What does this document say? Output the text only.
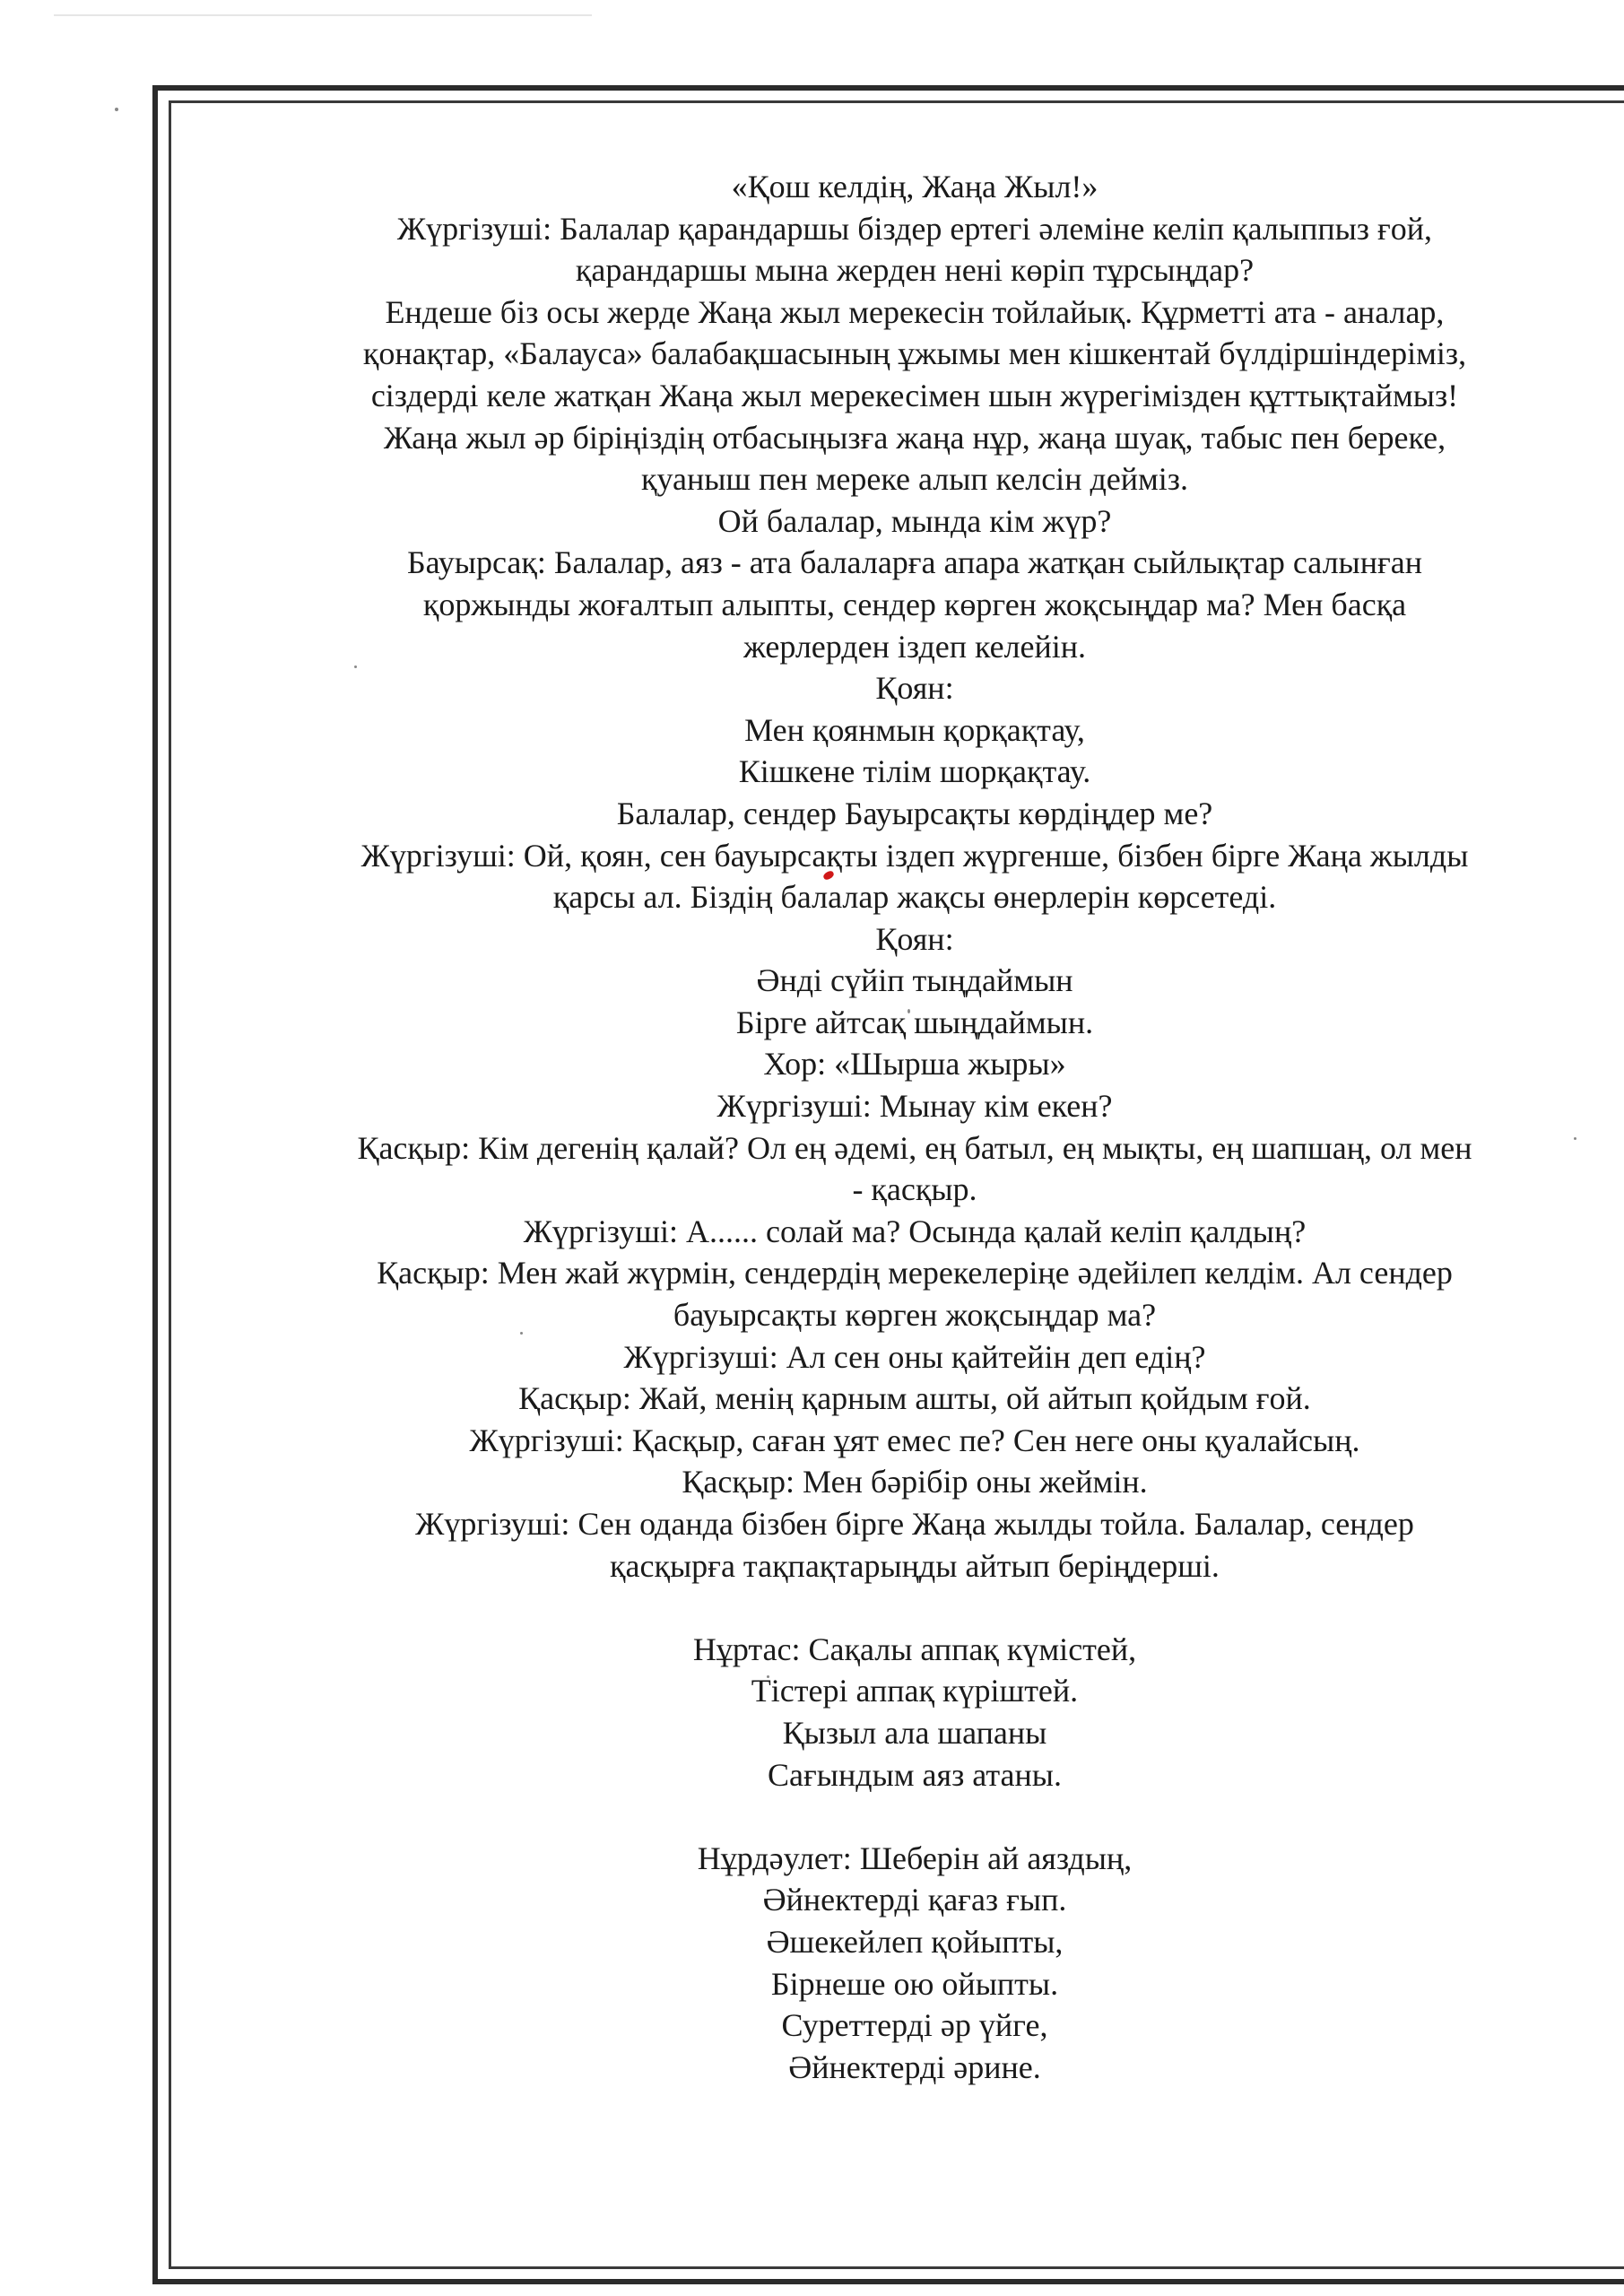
«Қош келдің, Жаңа Жыл!»
Жүргізуші: Балалар қарандаршы біздер ертегі әлеміне келіп қалыппыз ғой,
қарандаршы мына жерден нені көріп тұрсыңдар?
Ендеше біз осы жерде Жаңа жыл мерекесін тойлайық. Құрметті ата - аналар,
қонақтар, «Балауса» балабақшасының ұжымы мен кішкентай бүлдіршіндеріміз,
сіздерді келе жатқан Жаңа жыл мерекесімен шын жүрегімізден құттықтаймыз!
Жаңа жыл әр біріңіздің отбасыңызға жаңа нұр, жаңа шуақ, табыс пен береке,
қуаныш пен мереке алып келсін дейміз.
Ой балалар, мында кім жүр?
Бауырсақ: Балалар, аяз - ата балаларға апара жатқан сыйлықтар салынған
қоржынды жоғалтып алыпты, сендер көрген жоқсыңдар ма? Мен басқа
жерлерден іздеп келейін.
Қоян:
Мен қоянмын қорқақтау,
Кішкене тілім шорқақтау.
Балалар, сендер Бауырсақты көрдіңдер ме?
Жүргізуші: Ой, қоян, сен бауырсақты іздеп жүргенше, бізбен бірге Жаңа жылды
қарсы ал. Біздің балалар жақсы өнерлерін көрсетеді.
Қоян:
Әнді сүйіп тыңдаймын
Бірге айтсақ шыңдаймын.
Хор: «Шырша жыры»
Жүргізуші: Мынау кім екен?
Қасқыр: Кім дегенің қалай? Ол ең әдемі, ең батыл, ең мықты, ең шапшаң, ол мен
- қасқыр.
Жүргізуші: А...... солай ма? Осында қалай келіп қалдың?
Қасқыр: Мен жай жүрмін, сендердің мерекелеріңе әдейілеп келдім. Ал сендер
бауырсақты көрген жоқсыңдар ма?
Жүргізуші: Ал сен оны қайтейін деп едің?
Қасқыр: Жай, менің қарным ашты, ой айтып қойдым ғой.
Жүргізуші: Қасқыр, саған ұят емес пе? Сен неге оны қуалайсың.
Қасқыр: Мен бәрібір оны жеймін.
Жүргізуші: Сен оданда бізбен бірге Жаңа жылды тойла. Балалар, сендер
қасқырға тақпақтарыңды айтып беріңдерші.
Нұртас: Сақалы аппақ күмістей,
Тістері аппақ күріштей.
Қызыл ала шапаны
Сағындым аяз атаны.
Нұрдәулет: Шеберін ай аяздың,
Әйнектерді қағаз ғып.
Әшекейлеп қойыпты,
Бірнеше ою ойыпты.
Суреттерді әр үйге,
Әйнектерді әрине.
